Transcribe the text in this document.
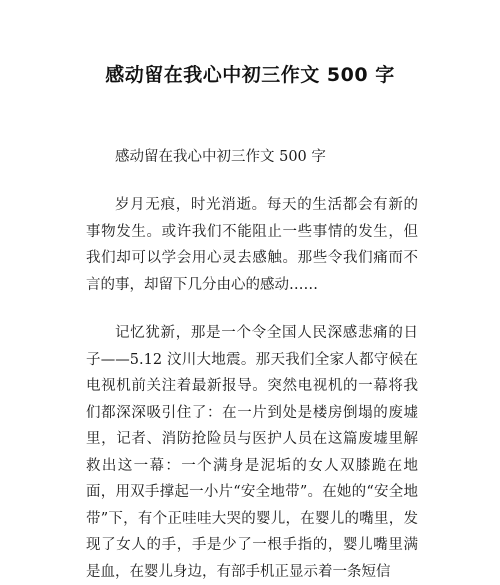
感动留在我心中初三作文 500 字

感动留在我心中初三作文 500 字

岁月无痕，时光消逝。每天的生活都会有新的事物发生。或许我们不能阻止一些事情的发生，但我们却可以学会用心灵去感触。那些令我们痛而不言的事，却留下几分由心的感动……

记忆犹新，那是一个令全国人民深感悲痛的日子——5.12 汶川大地震。那天我们全家人都守候在电视机前关注着最新报导。突然电视机的一幕将我们都深深吸引住了：在一片到处是楼房倒塌的废墟里，记者、消防抢险员与医护人员在这篇废墟里解救出这一幕：一个满身是泥垢的女人双膝跪在地面，用双手撑起一小片“安全地带”。在她的“安全地带”下，有个正哇哇大哭的婴儿，在婴儿的嘴里，发现了女人的手，手是少了一根手指的，婴儿嘴里满是血，在婴儿身边，有部手机正显示着一条短信
